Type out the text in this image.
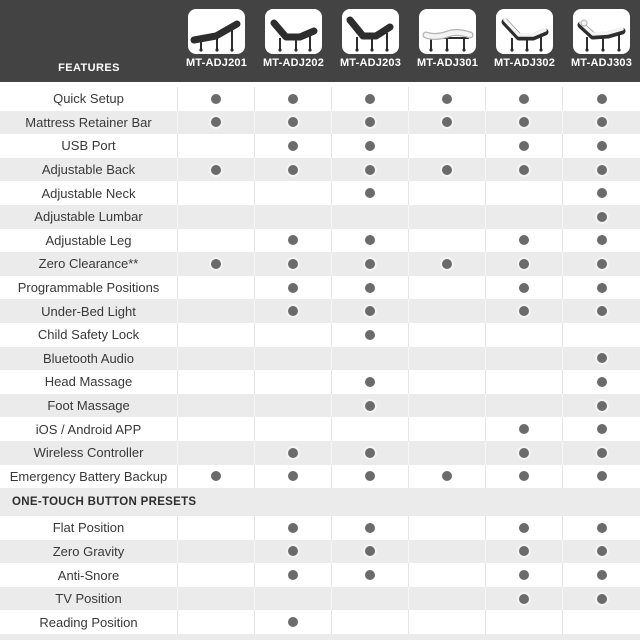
FEATURES	MT-ADJ201 MT-ADJ202 MT-ADJ203 MT-ADJ301 MT-ADJ302 MT-ADJ303
Quick Setup
Mattress Retainer Bar
USB Port
Adjustable Back
Adjustable Neck
Adjustable Lumbar
Adjustable Leg
Zero Clearance**
Programmable Positions
Under-Bed Light
Child Safety Lock
Bluetooth Audio
Head Massage
Foot Massage
iOS / Android APP
Wireless Controller
Emergency Battery Backup
ONE-TOUCH BUTTON PRESETS
Flat Position
Zero Gravity
Anti-Snore
TV Position
Reading Position
